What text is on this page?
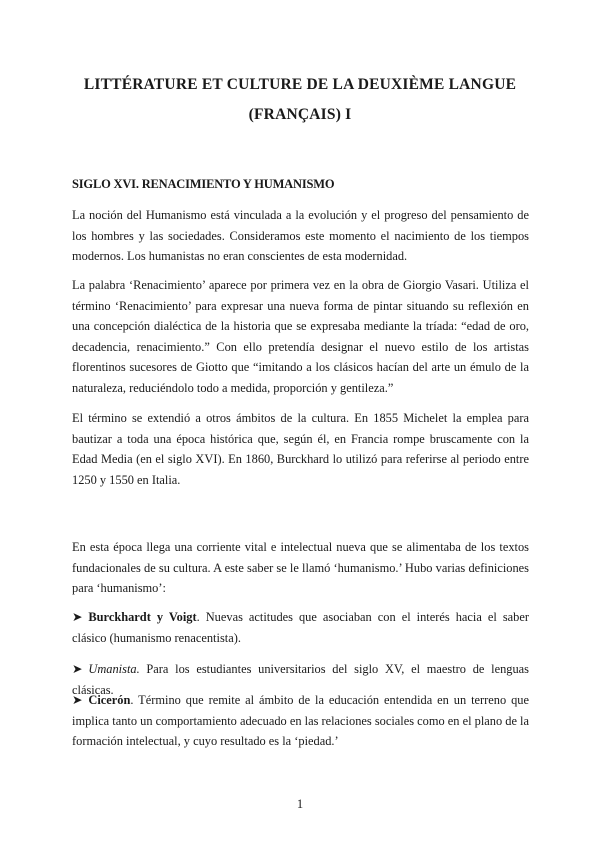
LITTÉRATURE ET CULTURE DE LA DEUXIÈME LANGUE
(FRANÇAIS) I
SIGLO XVI. RENACIMIENTO Y HUMANISMO

La noción del Humanismo está vinculada a la evolución y el progreso del pensamiento de los hombres y las sociedades. Consideramos este momento el nacimiento de los tiempos modernos. Los humanistas no eran conscientes de esta modernidad.

La palabra ‘Renacimiento’ aparece por primera vez en la obra de Giorgio Vasari. Utiliza el término ‘Renacimiento’ para expresar una nueva forma de pintar situando su reflexión en una concepción dialéctica de la historia que se expresaba mediante la tríada: “edad de oro, decadencia, renacimiento.” Con ello pretendía designar el nuevo estilo de los artistas florentinos sucesores de Giotto que “imitando a los clásicos hacían del arte un émulo de la naturaleza, reduciéndolo todo a medida, proporción y gentileza.”

El término se extendió a otros ámbitos de la cultura. En 1855 Michelet la emplea para bautizar a toda una época histórica que, según él, en Francia rompe bruscamente con la Edad Media (en el siglo XVI). En 1860, Burckhard lo utilizó para referirse al periodo entre 1250 y 1550 en Italia.

En esta época llega una corriente vital e intelectual nueva que se alimentaba de los textos fundacionales de su cultura. A este saber se le llamó ‘humanismo.’ Hubo varias definiciones para ‘humanismo’:

➤ Burckhardt y Voigt. Nuevas actitudes que asociaban con el interés hacia el saber clásico (humanismo renacentista).

➤ Umanista. Para los estudiantes universitarios del siglo XV, el maestro de lenguas clásicas.

➤ Cicerón. Término que remite al ámbito de la educación entendida en un terreno que implica tanto un comportamiento adecuado en las relaciones sociales como en el plano de la formación intelectual, y cuyo resultado es la ‘piedad.’

1
